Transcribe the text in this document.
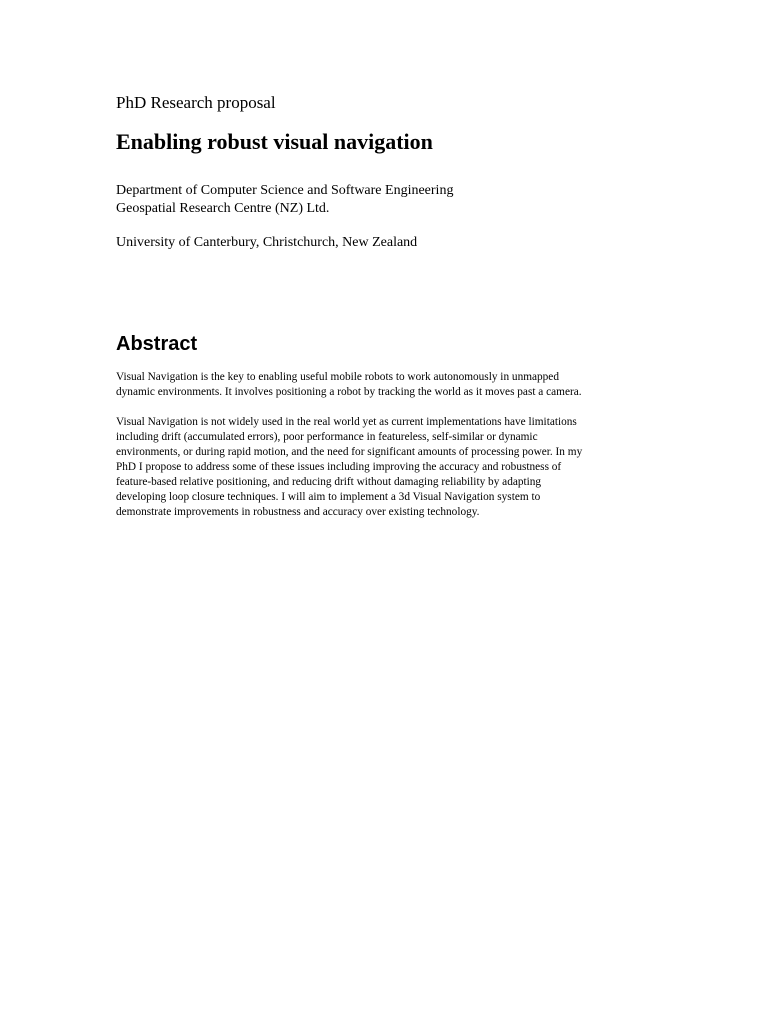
PhD Research proposal

Enabling robust visual navigation

Department of Computer Science and Software Engineering

Geospatial Research Centre (NZ) Ltd.

University of Canterbury, Christchurch, New Zealand

Abstract
Visual Navigation is the key to enabling useful mobile robots to work autonomously in unmapped
dynamic environments. It involves positioning a robot by tracking the world as it moves past a camera.
Visual Navigation is not widely used in the real world yet as current implementations have limitations
including drift (accumulated errors), poor performance in featureless, self-similar or dynamic
environments, or during rapid motion, and the need for significant amounts of processing power. In my
PhD I propose to address some of these issues including improving the accuracy and robustness of
feature-based relative positioning, and reducing drift without damaging reliability by adapting
developing loop closure techniques. I will aim to implement a 3d Visual Navigation system to
demonstrate improvements in robustness and accuracy over existing technology.
